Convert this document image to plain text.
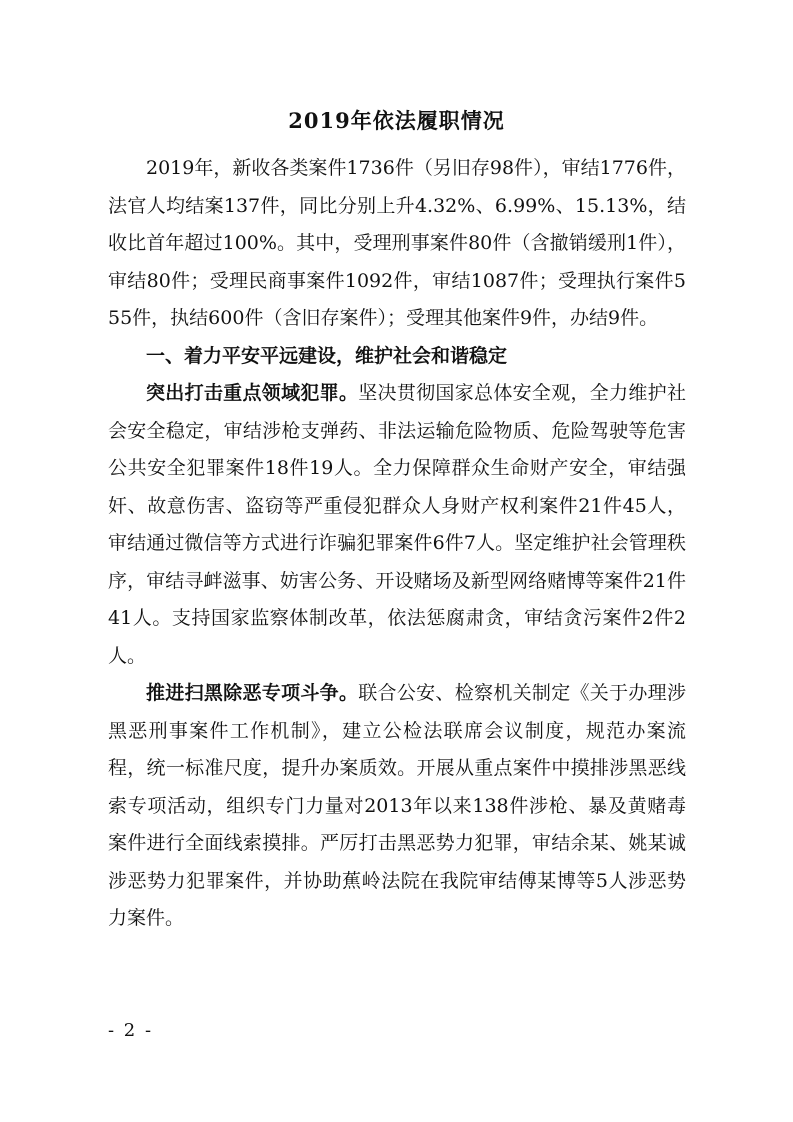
2019年依法履职情况

2019年，新收各类案件1736件（另旧存98件），审结1776件，法官人均结案137件，同比分别上升4.32%、6.99%、15.13%，结收比首年超过100%。其中，受理刑事案件80件（含撤销缓刑1件），审结80件；受理民商事案件1092件，审结1087件；受理执行案件555件，执结600件（含旧存案件）；受理其他案件9件，办结9件。

一、着力平安平远建设，维护社会和谐稳定

突出打击重点领域犯罪。坚决贯彻国家总体安全观，全力维护社会安全稳定，审结涉枪支弹药、非法运输危险物质、危险驾驶等危害公共安全犯罪案件18件19人。全力保障群众生命财产安全，审结强奸、故意伤害、盗窃等严重侵犯群众人身财产权利案件21件45人，审结通过微信等方式进行诈骗犯罪案件6件7人。坚定维护社会管理秩序，审结寻衅滋事、妨害公务、开设赌场及新型网络赌博等案件21件41人。支持国家监察体制改革，依法惩腐肃贪，审结贪污案件2件2人。

推进扫黑除恶专项斗争。联合公安、检察机关制定《关于办理涉黑恶刑事案件工作机制》，建立公检法联席会议制度，规范办案流程，统一标准尺度，提升办案质效。开展从重点案件中摸排涉黑恶线索专项活动，组织专门力量对2013年以来138件涉枪、暴及黄赌毒案件进行全面线索摸排。严厉打击黑恶势力犯罪，审结余某、姚某诚涉恶势力犯罪案件，并协助蕉岭法院在我院审结傅某博等5人涉恶势力案件。

- 2 -
